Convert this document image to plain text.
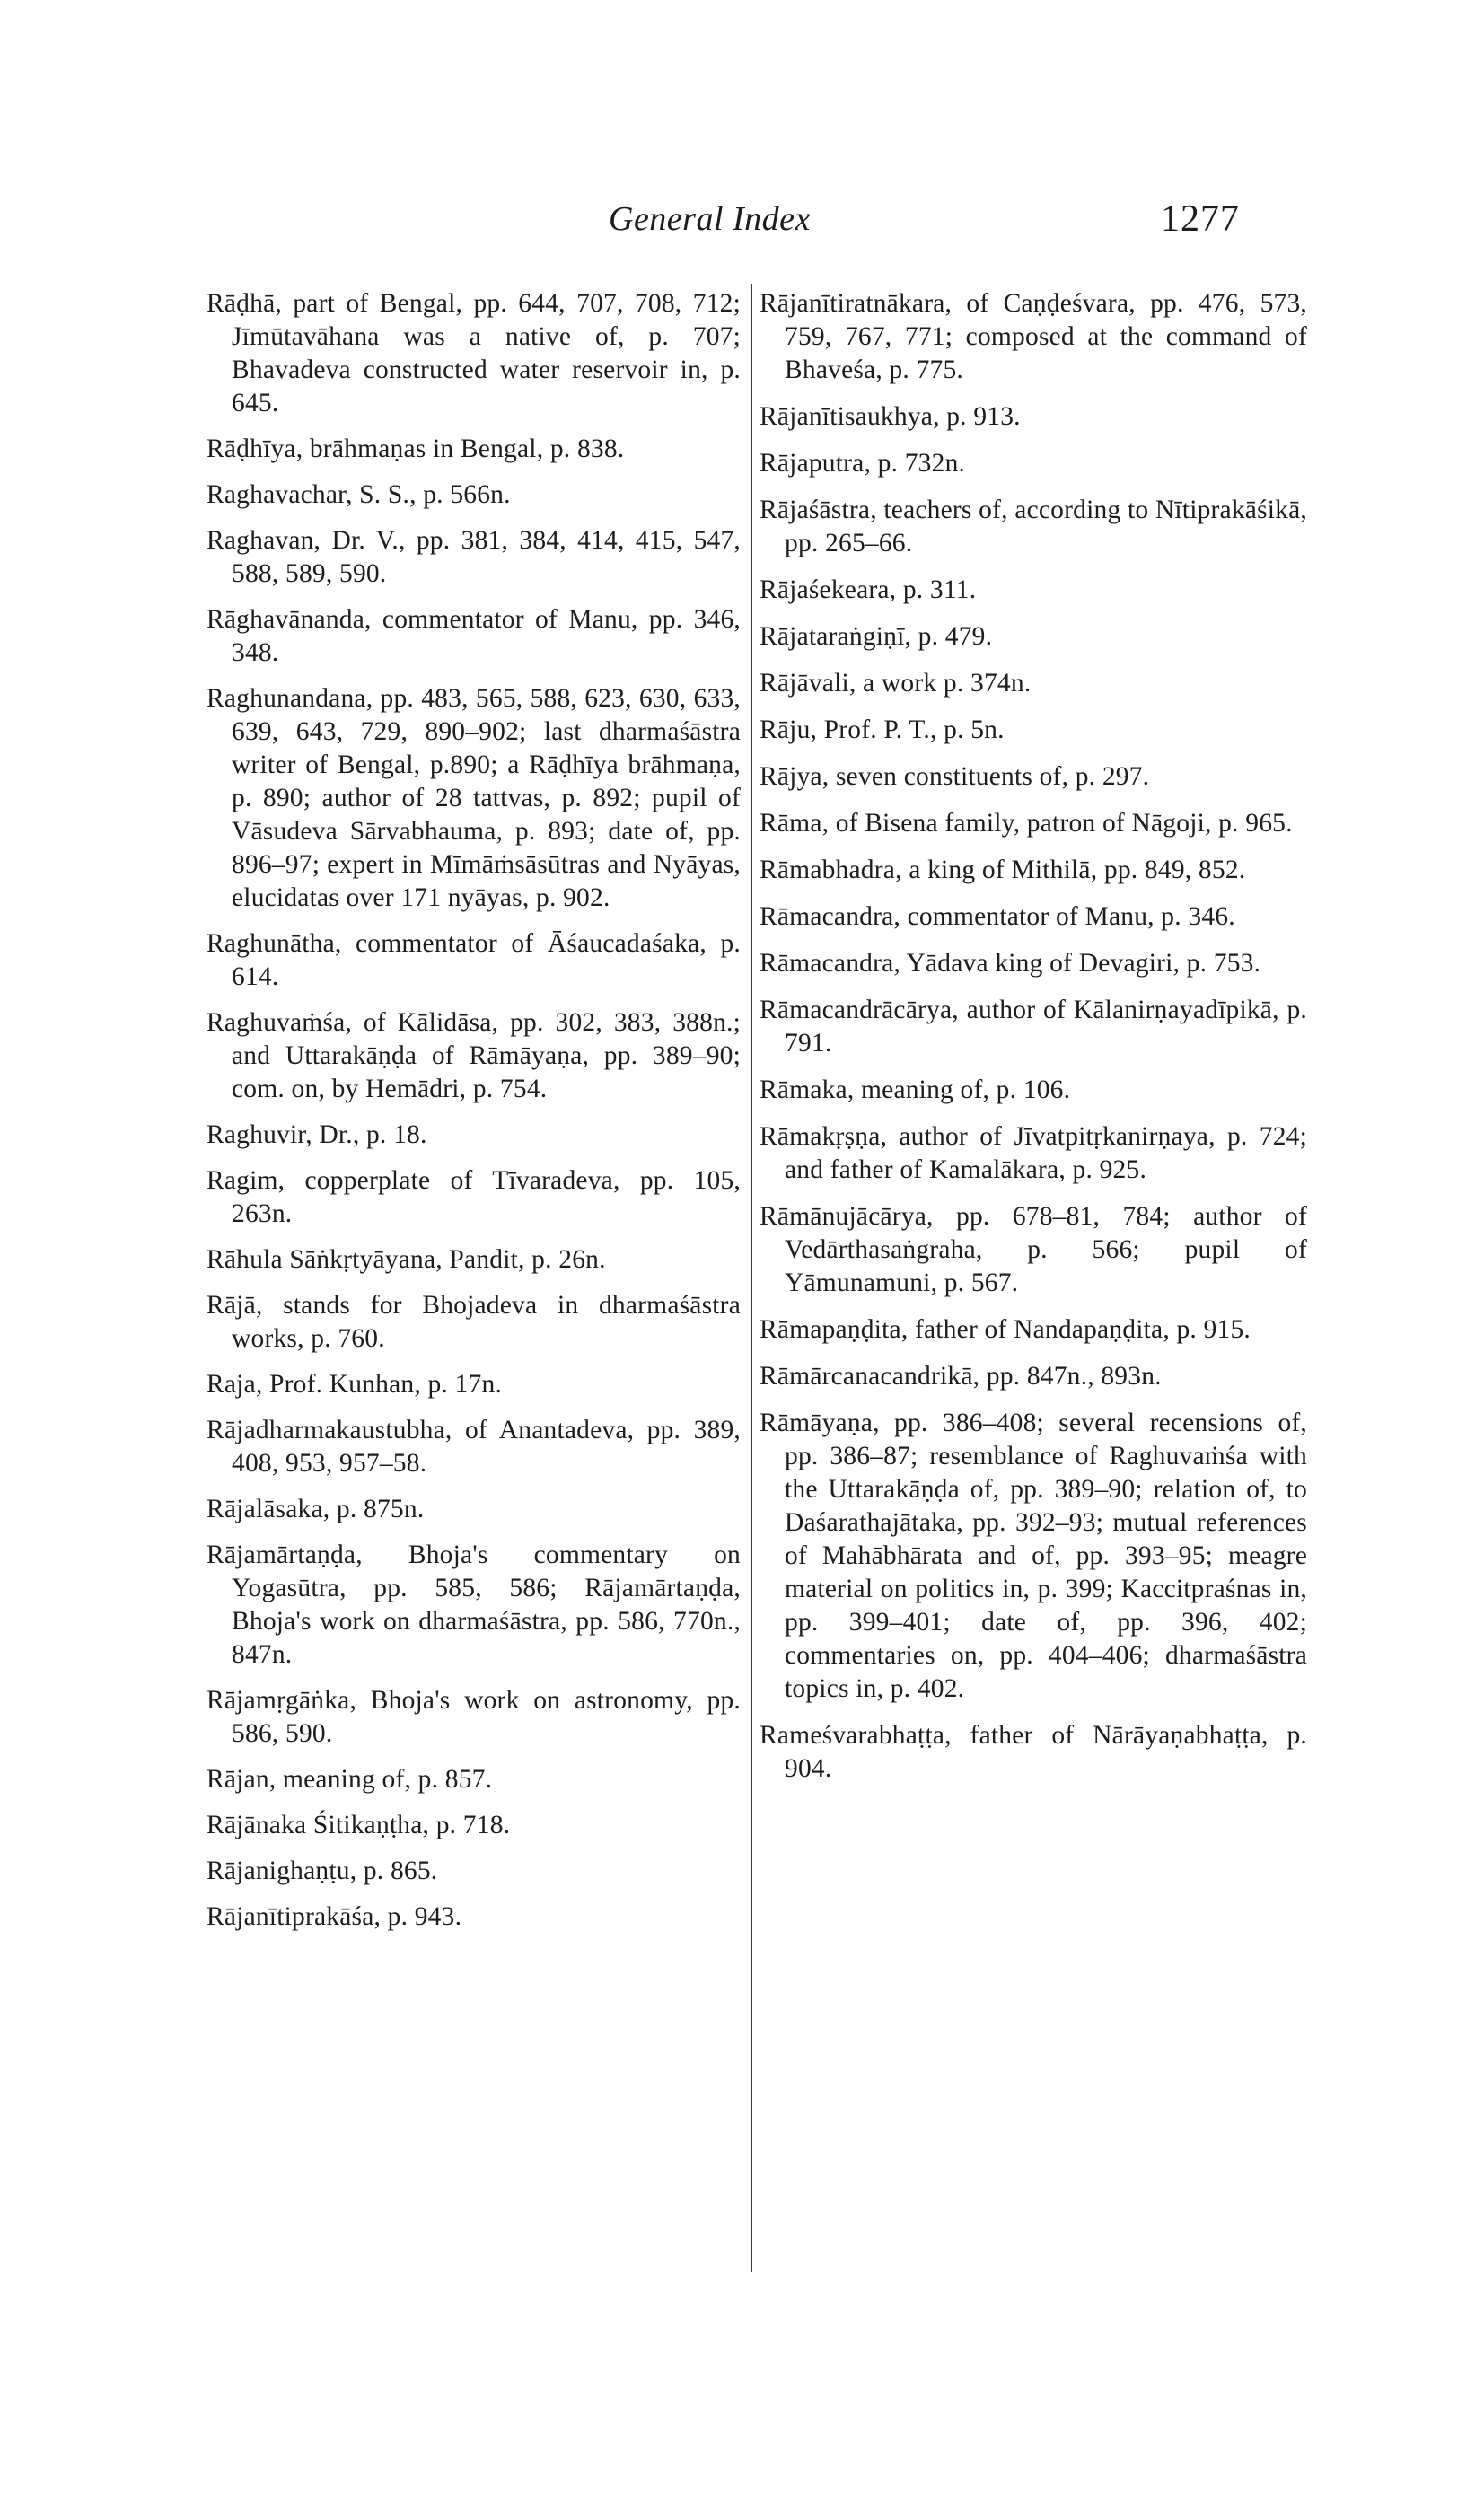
General Index	1277

Rāḍhā, part of Bengal, pp. 644, 707, 708, 712; Jīmūtavāhana was a native of, p. 707; Bhavadeva constructed water reservoir in, p. 645.

Rāḍhīya, brāhmaṇas in Bengal, p. 838.

Raghavachar, S. S., p. 566n.

Raghavan, Dr. V., pp. 381, 384, 414, 415, 547, 588, 589, 590.

Rāghavānanda, commentator of Manu, pp. 346, 348.

Raghunandana, pp. 483, 565, 588, 623, 630, 633, 639, 643, 729, 890–902; last dharmaśāstra writer of Bengal, p.890; a Rāḍhīya brāhmaṇa, p. 890; author of 28 tattvas, p. 892; pupil of Vāsudeva Sārvabhauma, p. 893; date of, pp. 896–97; expert in Mīmāṁsāsūtras and Nyāyas, elucidatas over 171 nyāyas, p. 902.

Raghunātha, commentator of Āśaucadaśaka, p. 614.

Raghuvaṁśa, of Kālidāsa, pp. 302, 383, 388n.; and Uttarakāṇḍa of Rāmāyaṇa, pp. 389–90; com. on, by Hemādri, p. 754.

Raghuvir, Dr., p. 18.

Ragim, copperplate of Tīvaradeva, pp. 105, 263n.

Rāhula Sāṅkṛtyāyana, Pandit, p. 26n.

Rājā, stands for Bhojadeva in dharmaśāstra works, p. 760.

Raja, Prof. Kunhan, p. 17n.

Rājadharmakaustubha, of Anantadeva, pp. 389, 408, 953, 957–58.

Rājalāsaka, p. 875n.

Rājamārtaṇḍa, Bhoja's commentary on Yogasūtra, pp. 585, 586; Rājamārtaṇḍa, Bhoja's work on dharmaśāstra, pp. 586, 770n., 847n.

Rājamṛgāṅka, Bhoja's work on astronomy, pp. 586, 590.

Rājan, meaning of, p. 857.

Rājānaka Śitikaṇṭha, p. 718.

Rājanighaṇṭu, p. 865.

Rājanītiprakāśa, p. 943.

Rājanītiratnākara, of Caṇḍeśvara, pp. 476, 573, 759, 767, 771; composed at the command of Bhaveśa, p. 775.

Rājanītisaukhya, p. 913.

Rājaputra, p. 732n.

Rājaśāstra, teachers of, according to Nītiprakāśikā, pp. 265–66.

Rājaśekeara, p. 311.

Rājataraṅgiṇī, p. 479.

Rājāvali, a work p. 374n.

Rāju, Prof. P. T., p. 5n.

Rājya, seven constituents of, p. 297.

Rāma, of Bisena family, patron of Nāgoji, p. 965.

Rāmabhadra, a king of Mithilā, pp. 849, 852.

Rāmacandra, commentator of Manu, p. 346.

Rāmacandra, Yādava king of Devagiri, p. 753.

Rāmacandrācārya, author of Kālanirṇayadīpikā, p. 791.

Rāmaka, meaning of, p. 106.

Rāmakṛṣṇa, author of Jīvatpitṛkanirṇaya, p. 724; and father of Kamalākara, p. 925.

Rāmānujācārya, pp. 678–81, 784; author of Vedārthasaṅgraha, p. 566; pupil of Yāmunamuni, p. 567.

Rāmapaṇḍita, father of Nandapaṇḍita, p. 915.

Rāmārcanacandrikā, pp. 847n., 893n.

Rāmāyaṇa, pp. 386–408; several recensions of, pp. 386–87; resemblance of Raghuvaṁśa with the Uttarakāṇḍa of, pp. 389–90; relation of, to Daśarathajātaka, pp. 392–93; mutual references of Mahābhārata and of, pp. 393–95; meagre material on politics in, p. 399; Kaccitpraśnas in, pp. 399–401; date of, pp. 396, 402; commentaries on, pp. 404–406; dharmaśāstra topics in, p. 402.

Rameśvarabhaṭṭa, father of Nārāyaṇabhaṭṭa, p. 904.
